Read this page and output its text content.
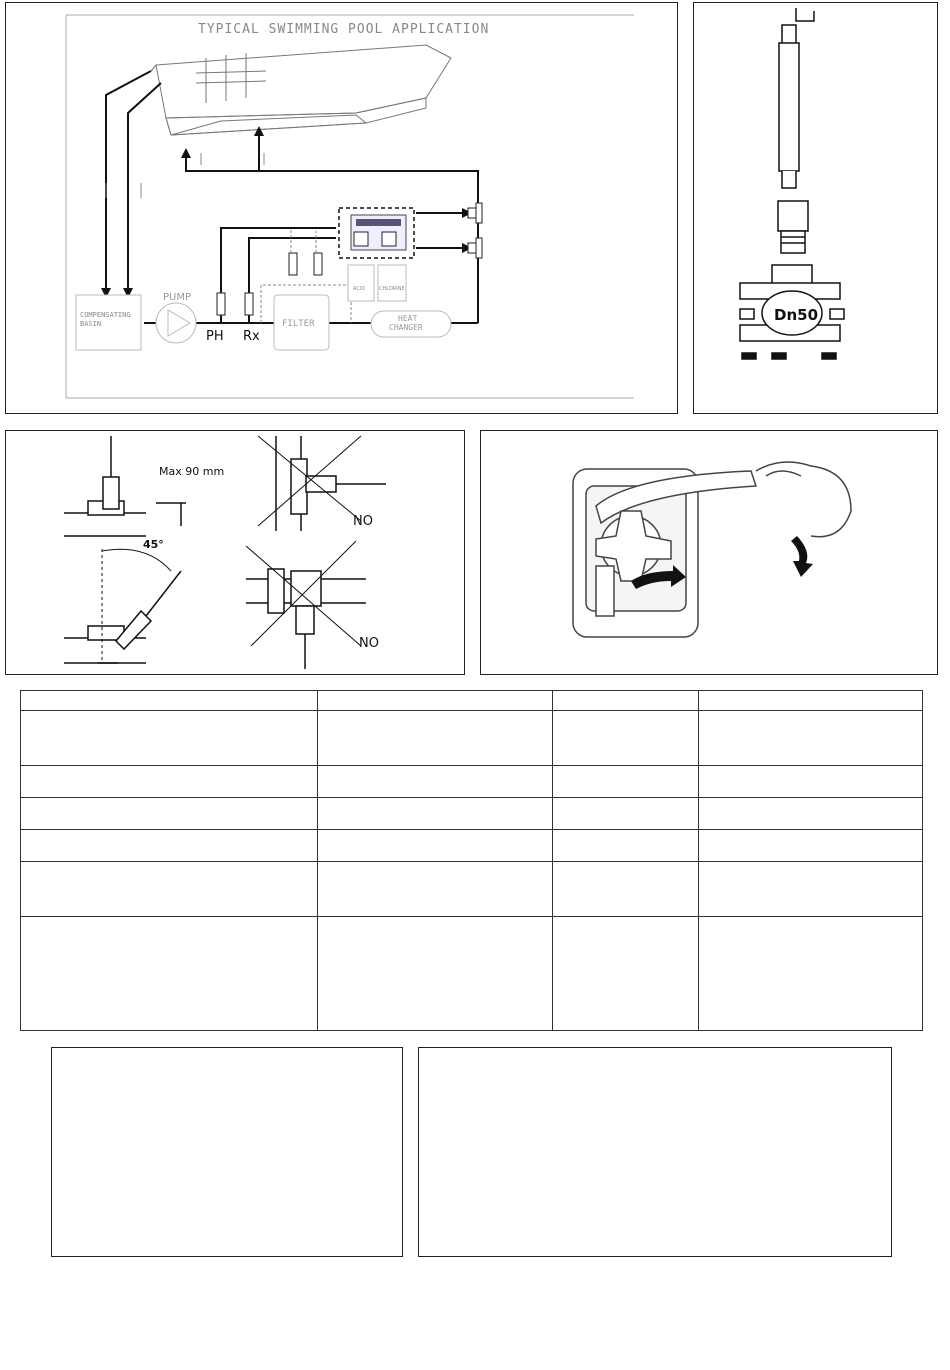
TYPICAL SWIMMING POOL APPLICATION
COMPENSATING BASIN
PUMP
PH Rx
FILTER
HEAT CHANGER
ACID	CHLORINE
Dn50
Max 90 mm
45°
NO
NO
